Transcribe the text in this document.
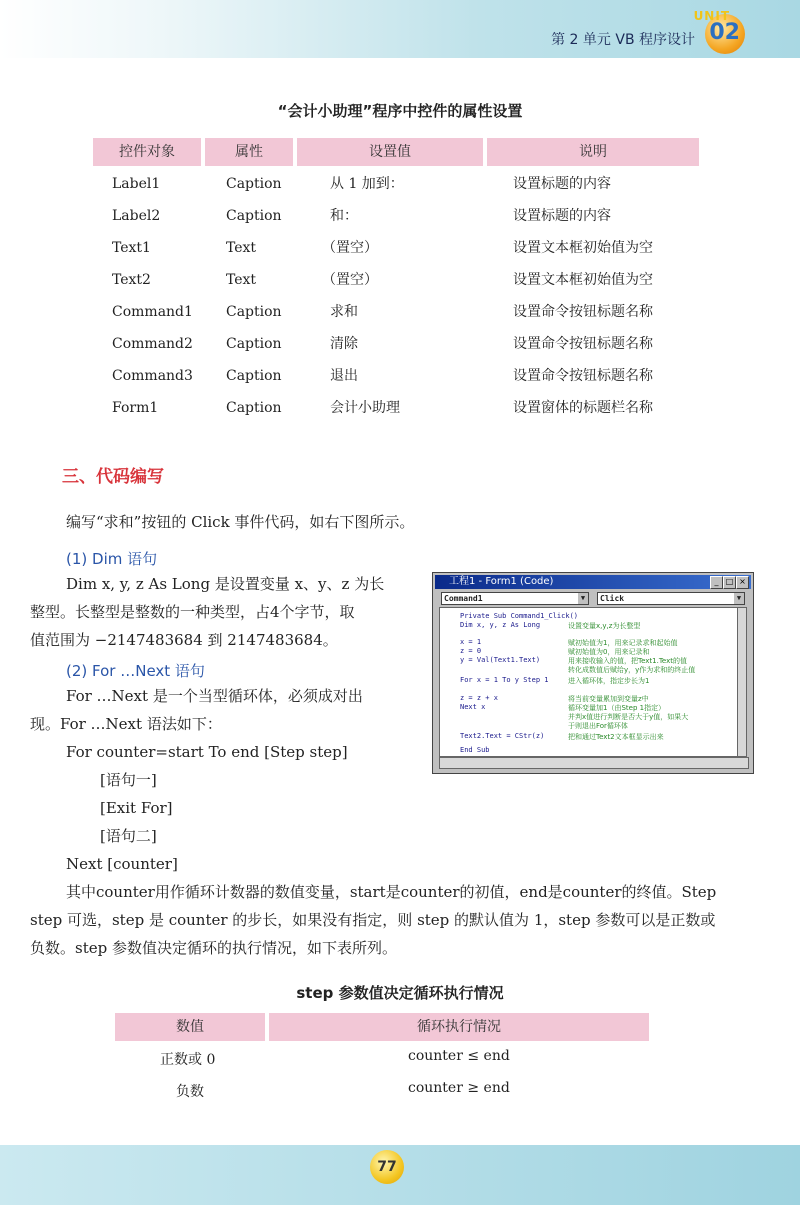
第 2 单元 VB 程序设计
UNIT
02
“会计小助理”程序中控件的属性设置
控件对象	属性	设置值	说明
Label1	Caption	从 1 加到：	设置标题的内容
Label2	Caption	和：	设置标题的内容
Text1	Text	（置空）	设置文本框初始值为空
Text2	Text	（置空）	设置文本框初始值为空
Command1 Caption	求和	设置命令按钮标题名称
Command2 Caption	清除	设置命令按钮标题名称
Command3 Caption	退出	设置命令按钮标题名称
Form1	Caption	会计小助理	设置窗体的标题栏名称
三、代码编写
编写“求和”按钮的 Click 事件代码，如右下图所示。
(1) Dim 语句
Dim x, y, z As Long 是设置变量 x、y、z 为长
整型。长整型是整数的一种类型，占4个字节，取
值范围为 −2147483684 到 2147483684。
(2) For …Next 语句
For …Next 是一个当型循环体，必须成对出
现。For …Next 语法如下：
For counter=start To end [Step step]
[语句一]
[Exit For]
[语句二]
Next [counter]
其中counter用作循环计数器的数值变量，start是counter的初值，end是counter的终值。Step
step 可选，step 是 counter 的步长，如果没有指定，则 step 的默认值为 1，step 参数可以是正数或
负数。step 参数值决定循环的执行情况，如下表所列。
工程1 - Form1 (Code)	_ □ ×
Command1	▼	Click	▼
Private Sub Command1_Click()
Dim x, y, z As Long	设置变量x,y,z为长整型
x = 1	赋初始值为1，用来记录求和起始值
z = 0	赋初始值为0，用来记录和
y = Val(Text1.Text)	用来接收输入的值，把Text1.Text的值
转化成数值后赋给y，y作为求和的终止值
For x = 1 To y Step 1	进入循环体，指定步长为1
z = z + x	将当前变量累加到变量z中
Next x	循环变量加1（由Step 1指定）
并判x值进行判断是否大于y值，如果大
于则退出For循环体
Text2.Text = CStr(z)	把和通过Text2文本框显示出来
End Sub
step 参数值决定循环执行情况
数值	循环执行情况
正数或 0	counter ≤ end
负数	counter ≥ end
77
